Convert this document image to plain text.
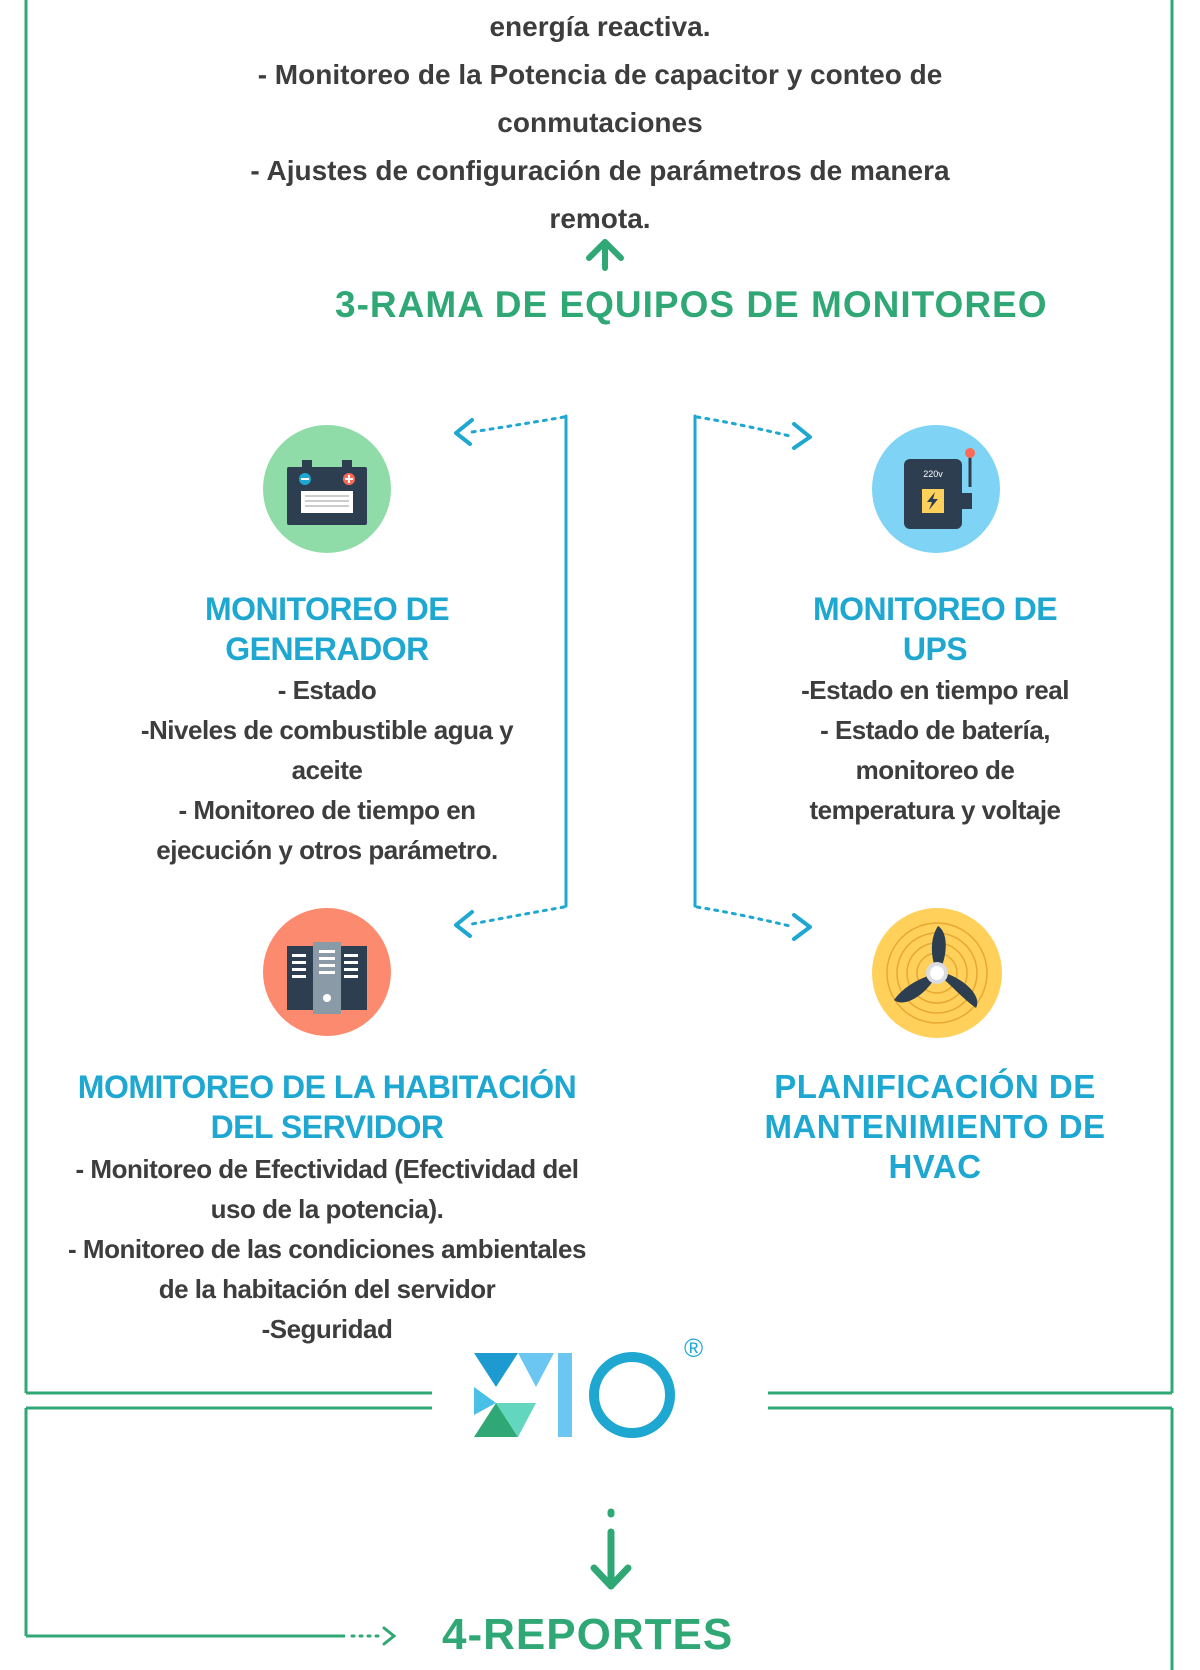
energía reactiva.
- Monitoreo de la Potencia de capacitor y conteo de
conmutaciones
- Ajustes de configuración de parámetros de manera
remota.
3-RAMA DE EQUIPOS DE MONITOREO
MONITOREO DE
GENERADOR
- Estado
-Niveles de combustible agua y
aceite
- Monitoreo de tiempo en
ejecución y otros parámetro.
220v
MONITOREO DE
UPS
-Estado en tiempo real
- Estado de batería,
monitoreo de
temperatura y voltaje
MOMITOREO DE LA HABITACIÓN
DEL SERVIDOR
- Monitoreo de Efectividad (Efectividad del
uso de la potencia).
- Monitoreo de las condiciones ambientales
de la habitación del servidor
-Seguridad
PLANIFICACIÓN DE
MANTENIMIENTO DE
HVAC
®
4-REPORTES
